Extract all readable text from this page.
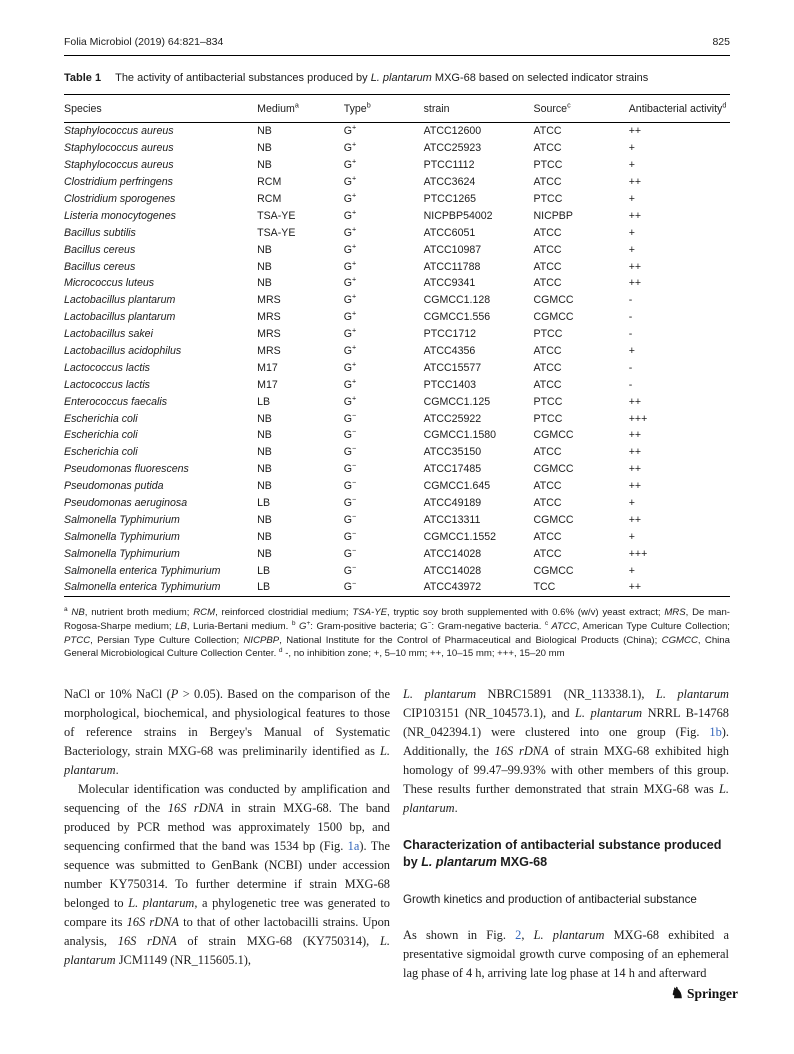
Folia Microbiol (2019) 64:821–834	825
Table 1 The activity of antibacterial substances produced by L. plantarum MXG-68 based on selected indicator strains
Species	Medium$^a$	Type$^b$	strain	Source$^c$	Antibacterial activity$^d$
Staphylococcus aureus	NB	G+	ATCC12600	ATCC	++
Staphylococcus aureus	NB	G+	ATCC25923	ATCC	+
Staphylococcus aureus	NB	G+	PTCC1112	PTCC	+
Clostridium perfringens	RCM	G+	ATCC3624	ATCC	++
Clostridium sporogenes	RCM	G+	PTCC1265	PTCC	+
Listeria monocytogenes	TSA-YE	G+	NICPBP54002	NICPBP	++
Bacillus subtilis	TSA-YE	G+	ATCC6051	ATCC	+
Bacillus cereus	NB	G+	ATCC10987	ATCC	+
Bacillus cereus	NB	G+	ATCC11788	ATCC	++
Micrococcus luteus	NB	G+	ATCC9341	ATCC	++
Lactobacillus plantarum	MRS	G+	CGMCC1.128	CGMCC	-
Lactobacillus plantarum	MRS	G+	CGMCC1.556	CGMCC	-
Lactobacillus sakei	MRS	G+	PTCC1712	PTCC	-
Lactobacillus acidophilus	MRS	G+	ATCC4356	ATCC	+
Lactococcus lactis	M17	G+	ATCC15577	ATCC	-
Lactococcus lactis	M17	G+	PTCC1403	ATCC	-
Enterococcus faecalis	LB	G+	CGMCC1.125	PTCC	++
Escherichia coli	NB	G−	ATCC25922	PTCC	+++
Escherichia coli	NB	G−	CGMCC1.1580	CGMCC	++
Escherichia coli	NB	G−	ATCC35150	ATCC	++
Pseudomonas fluorescens	NB	G−	ATCC17485	CGMCC	++
Pseudomonas putida	NB	G−	CGMCC1.645	ATCC	++
Pseudomonas aeruginosa	LB	G−	ATCC49189	ATCC	+
Salmonella Typhimurium	NB	G−	ATCC13311	CGMCC	++
Salmonella Typhimurium	NB	G−	CGMCC1.1552	ATCC	+
Salmonella Typhimurium	NB	G−	ATCC14028	ATCC	+++
Salmonella enterica Typhimurium	LB	G−	ATCC14028	CGMCC	+
Salmonella enterica Typhimurium	LB	G−	ATCC43972	TCC	++
$^a$ NB, nutrient broth medium; RCM, reinforced clostridial medium; TSA-YE, tryptic soy broth supplemented with 0.6% (w/v) yeast extract; MRS, De man-Rogosa-Sharpe medium; LB, Luria-Bertani medium. $^b$ G+: Gram-positive bacteria; G−: Gram-negative bacteria. $^c$ ATCC, American Type Culture Collection; PTCC, Persian Type Culture Collection; NICPBP, National Institute for the Control of Pharmaceutical and Biological Products (China); CGMCC, China General Microbiological Culture Collection Center. $^d$ -, no inhibition zone; +, 5–10 mm; ++, 10–15 mm; +++, 15–20 mm

NaCl or 10% NaCl (P > 0.05). Based on the comparison of the morphological, biochemical, and physiological features to those of reference strains in Bergey's Manual of Systematic Bacteriology, strain MXG-68 was preliminarily identified as L. plantarum.

Molecular identification was conducted by amplification and sequencing of the 16S rDNA in strain MXG-68. The band produced by PCR method was approximately 1500 bp, and sequencing confirmed that the band was 1534 bp (Fig. 1a). The sequence was submitted to GenBank (NCBI) under accession number KY750314. To further determine if strain MXG-68 belonged to L. plantarum, a phylogenetic tree was generated to compare its 16S rDNA to that of other lactobacilli strains. Upon analysis, 16S rDNA of strain MXG-68 (KY750314), L. plantarum JCM1149 (NR_115605.1),

L. plantarum NBRC15891 (NR_113338.1), L. plantarum CIP103151 (NR_104573.1), and L. plantarum NRRL B-14768 (NR_042394.1) were clustered into one group (Fig. 1b). Additionally, the 16S rDNA of strain MXG-68 exhibited high homology of 99.47–99.93% with other members of this group. These results further demonstrated that strain MXG-68 was L. plantarum.

Characterization of antibacterial substance produced by L. plantarum MXG-68
Growth kinetics and production of antibacterial substance

As shown in Fig. 2, L. plantarum MXG-68 exhibited a presentative sigmoidal growth curve composing of an ephemeral lag phase of 4 h, arriving late log phase at 14 h and afterward

♞ Springer
